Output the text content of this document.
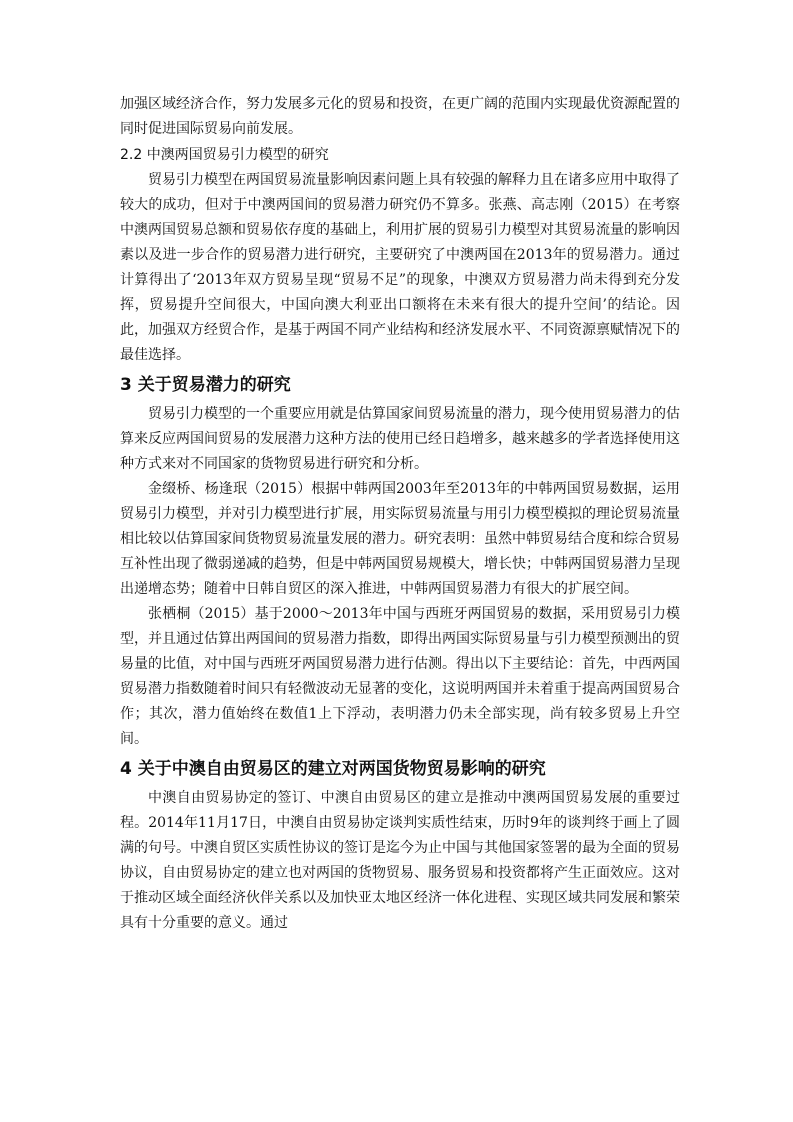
加强区域经济合作，努力发展多元化的贸易和投资，在更广阔的范围内实现最优资源配置的同时促进国际贸易向前发展。

2.2 中澳两国贸易引力模型的研究

贸易引力模型在两国贸易流量影响因素问题上具有较强的解释力且在诸多应用中取得了较大的成功，但对于中澳两国间的贸易潜力研究仍不算多。张燕、高志刚（2015）在考察中澳两国贸易总额和贸易依存度的基础上，利用扩展的贸易引力模型对其贸易流量的影响因素以及进一步合作的贸易潜力进行研究，主要研究了中澳两国在2013年的贸易潜力。通过计算得出了‘2013年双方贸易呈现“贸易不足”的现象，中澳双方贸易潜力尚未得到充分发挥，贸易提升空间很大，中国向澳大利亚出口额将在未来有很大的提升空间’的结论。因此，加强双方经贸合作，是基于两国不同产业结构和经济发展水平、不同资源禀赋情况下的最佳选择。

3 关于贸易潜力的研究

贸易引力模型的一个重要应用就是估算国家间贸易流量的潜力，现今使用贸易潜力的估算来反应两国间贸易的发展潜力这种方法的使用已经日趋增多，越来越多的学者选择使用这种方式来对不同国家的货物贸易进行研究和分析。

金缀桥、杨逢珉（2015）根据中韩两国2003年至2013年的中韩两国贸易数据，运用贸易引力模型，并对引力模型进行扩展，用实际贸易流量与用引力模型模拟的理论贸易流量相比较以估算国家间货物贸易流量发展的潜力。研究表明：虽然中韩贸易结合度和综合贸易互补性出现了微弱递减的趋势，但是中韩两国贸易规模大，增长快；中韩两国贸易潜力呈现出递增态势；随着中日韩自贸区的深入推进，中韩两国贸易潜力有很大的扩展空间。

张栖桐（2015）基于2000～2013年中国与西班牙两国贸易的数据，采用贸易引力模型，并且通过估算出两国间的贸易潜力指数，即得出两国实际贸易量与引力模型预测出的贸易量的比值，对中国与西班牙两国贸易潜力进行估测。得出以下主要结论：首先，中西两国贸易潜力指数随着时间只有轻微波动无显著的变化，这说明两国并未着重于提高两国贸易合作；其次，潜力值始终在数值1上下浮动，表明潜力仍未全部实现，尚有较多贸易上升空间。

4 关于中澳自由贸易区的建立对两国货物贸易影响的研究

中澳自由贸易协定的签订、中澳自由贸易区的建立是推动中澳两国贸易发展的重要过程。2014年11月17日，中澳自由贸易协定谈判实质性结束，历时9年的谈判终于画上了圆满的句号。中澳自贸区实质性协议的签订是迄今为止中国与其他国家签署的最为全面的贸易协议，自由贸易协定的建立也对两国的货物贸易、服务贸易和投资都将产生正面效应。这对于推动区域全面经济伙伴关系以及加快亚太地区经济一体化进程、实现区域共同发展和繁荣具有十分重要的意义。通过
